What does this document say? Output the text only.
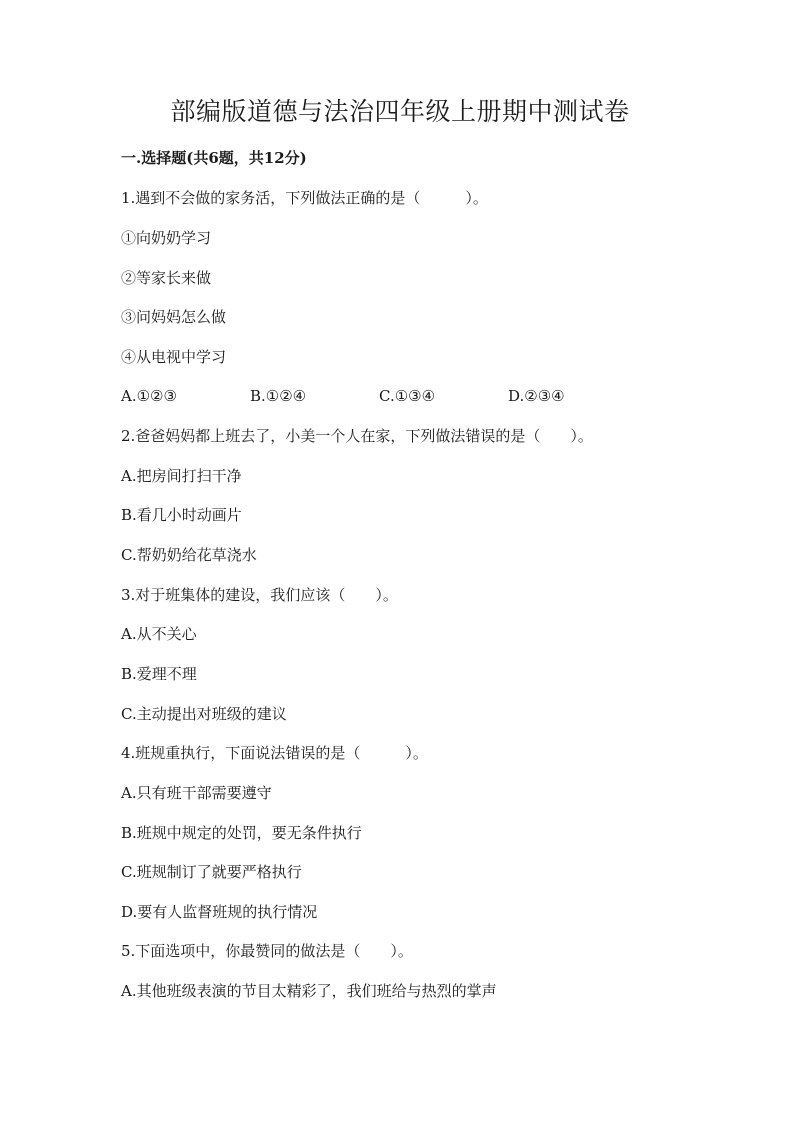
部编版道德与法治四年级上册期中测试卷
一.选择题(共6题，共12分)
1.遇到不会做的家务活，下列做法正确的是（　　　）。
①向奶奶学习
②等家长来做
③问妈妈怎么做
④从电视中学习
A.①②③	B.①②④	C.①③④	D.②③④
2.爸爸妈妈都上班去了，小美一个人在家，下列做法错误的是（　　）。
A.把房间打扫干净
B.看几小时动画片
C.帮奶奶给花草浇水
3.对于班集体的建设，我们应该（　　）。
A.从不关心
B.爱理不理
C.主动提出对班级的建议
4.班规重执行，下面说法错误的是（　　　）。
A.只有班干部需要遵守
B.班规中规定的处罚，要无条件执行
C.班规制订了就要严格执行
D.要有人监督班规的执行情况
5.下面选项中，你最赞同的做法是（　　）。
A.其他班级表演的节目太精彩了，我们班给与热烈的掌声
